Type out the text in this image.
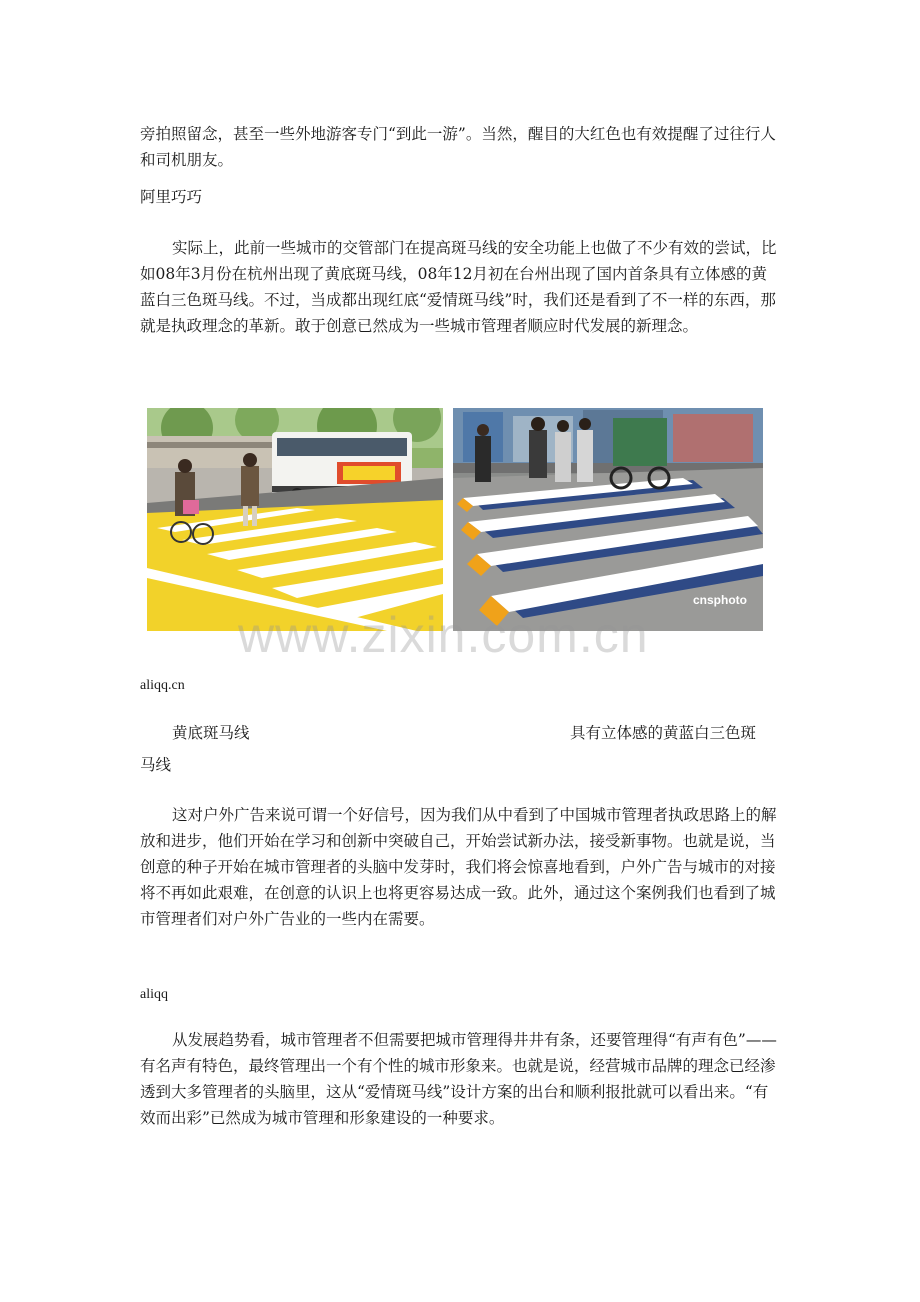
旁拍照留念，甚至一些外地游客专门“到此一游”。当然，醒目的大红色也有效提醒了过往行人和司机朋友。

阿里巧巧

实际上，此前一些城市的交管部门在提高斑马线的安全功能上也做了不少有效的尝试，比如08年3月份在杭州出现了黄底斑马线，08年12月初在台州出现了国内首条具有立体感的黄蓝白三色斑马线。不过，当成都出现红底“爱情斑马线”时，我们还是看到了不一样的东西，那就是执政理念的革新。敢于创意已然成为一些城市管理者顺应时代发展的新理念。

cnsphoto
www.zixin.com.cn

aliqq.cn

黄底斑马线	具有立体感的黄蓝白三色斑

马线

这对户外广告来说可谓一个好信号，因为我们从中看到了中国城市管理者执政思路上的解放和进步，他们开始在学习和创新中突破自己，开始尝试新办法，接受新事物。也就是说，当创意的种子开始在城市管理者的头脑中发芽时，我们将会惊喜地看到，户外广告与城市的对接将不再如此艰难，在创意的认识上也将更容易达成一致。此外，通过这个案例我们也看到了城市管理者们对户外广告业的一些内在需要。

aliqq

从发展趋势看，城市管理者不但需要把城市管理得井井有条，还要管理得“有声有色”——有名声有特色，最终管理出一个有个性的城市形象来。也就是说，经营城市品牌的理念已经渗透到大多管理者的头脑里，这从“爱情斑马线”设计方案的出台和顺利报批就可以看出来。“有效而出彩”已然成为城市管理和形象建设的一种要求。
